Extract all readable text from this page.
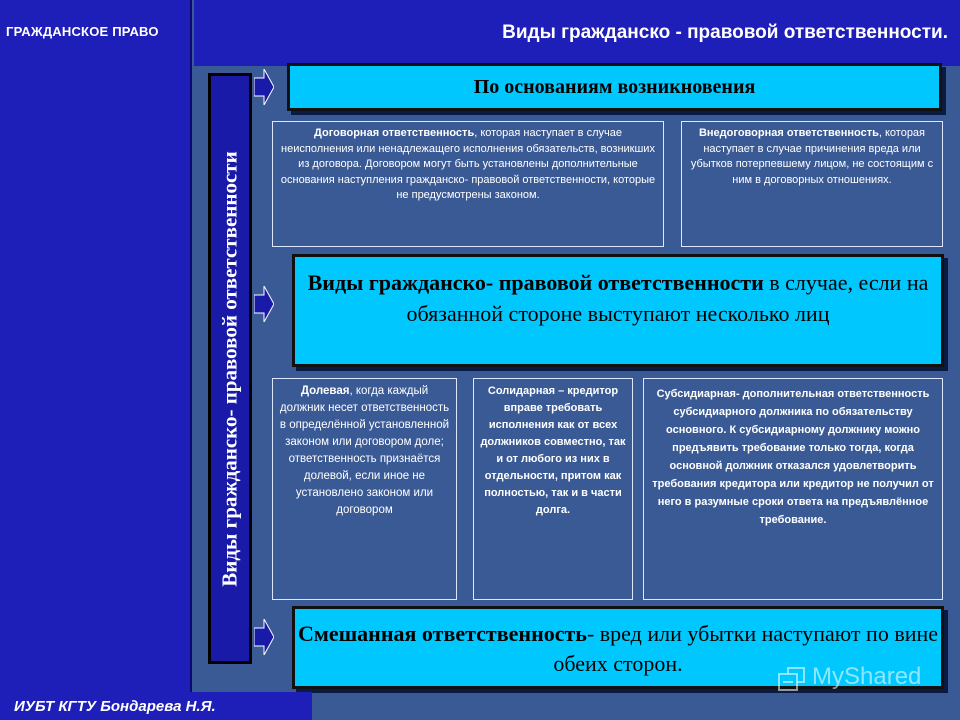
ГРАЖДАНСКОЕ ПРАВО	Виды гражданско - правовой ответственности.
Виды гражданско- правовой ответственности
По основаниям возникновения
Договорная ответственность, которая наступает в случае неисполнения или ненадлежащего исполнения обязательств, возникших из договора. Договором могут быть установлены дополнительные основания наступления гражданско- правовой ответственности, которые не предусмотрены законом.
Внедоговорная ответственность, которая наступает в случае причинения вреда или убытков потерпевшему лицом, не состоящим с ним в договорных отношениях.
Виды гражданско- правовой ответственности в случае, если на обязанной стороне выступают несколько лиц
Долевая, когда каждый должник несет ответственность в определённой установленной законом или договором доле; ответственность признаётся долевой, если иное не установлено законом или договором
Солидарная – кредитор вправе требовать исполнения как от всех должников совместно, так и от любого из них в отдельности, притом как полностью, так и в части долга.
Субсидиарная- дополнительная ответственность субсидиарного должника по обязательству основного. К субсидиарному должнику можно предъявить требование только тогда, когда основной должник отказался удовлетворить требования кредитора или кредитор не получил от него в разумные сроки ответа на предъявлённое требование.
Смешанная ответственность- вред или убытки наступают по вине обеих сторон.
ИУБТ КГТУ Бондарева Н.Я.
MyShared
